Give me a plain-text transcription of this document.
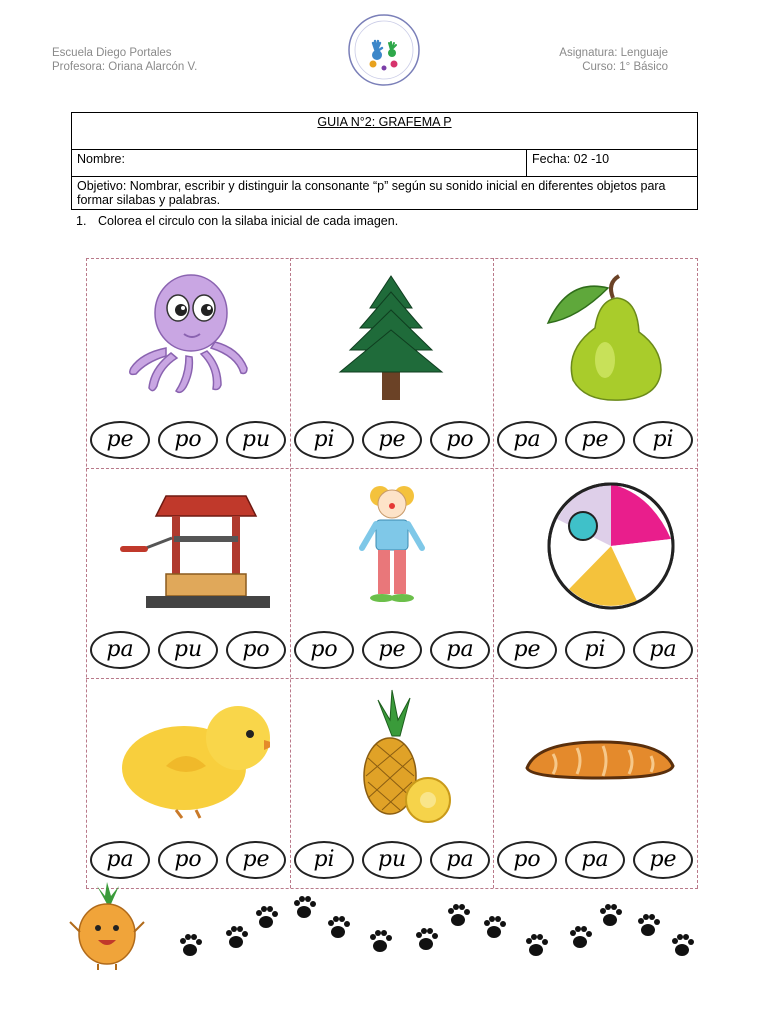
Escuela Diego Portales
Profesora: Oriana Alarcón V.
Asignatura: Lenguaje
Curso: 1° Básico
GUIA N°2: GRAFEMA P
Nombre:	Fecha: 02 -10
Objetivo: Nombrar, escribir y distinguir la consonante “p” según su sonido inicial en diferentes objetos para formar silabas y palabras.
1. Colorea el circulo con la silaba inicial de cada imagen.
pe	po	pu	pi	pe	po	pa	pe	pi
pa	pu	po	po	pe	pa	pe	pi	pa
pa	po	pe	pi	pu	pa	po	pa	pe
